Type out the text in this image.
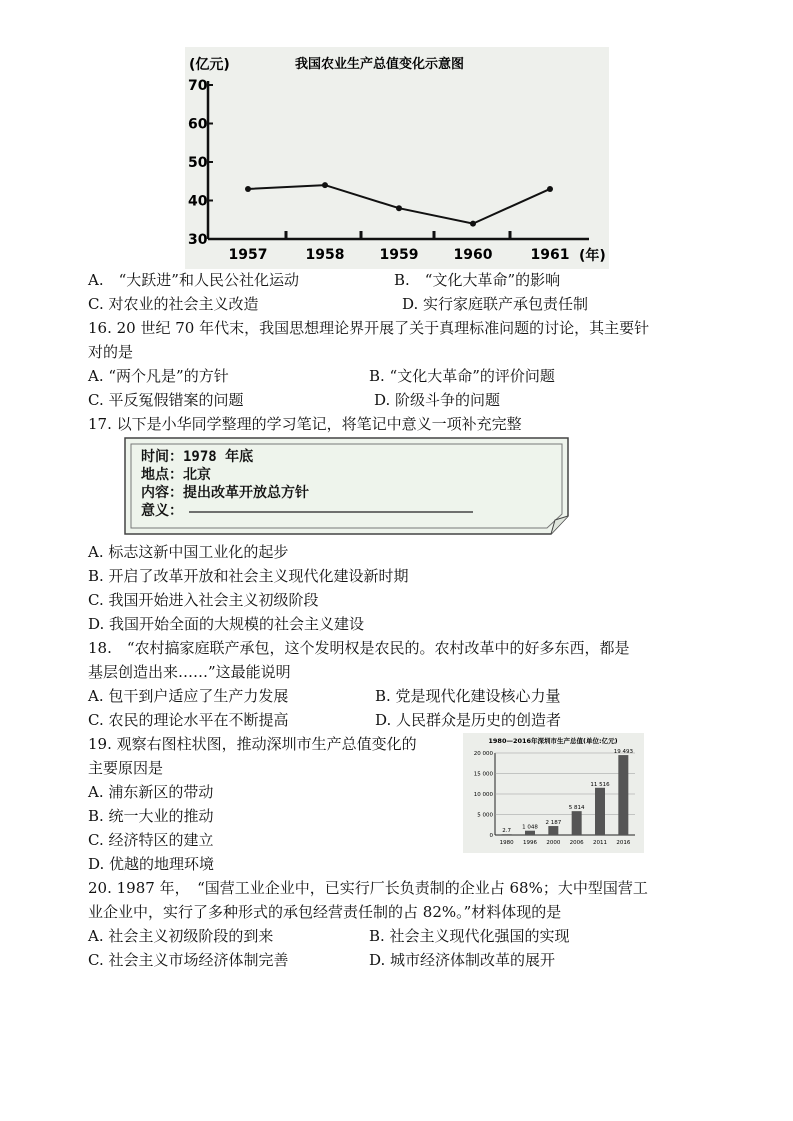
(亿元)	我国农业生产总值变化示意图
(年)
30
40
50
60
70
1957	1958	1959	1960	1961
A.　“大跃进”和人民公社化运动	B.　“文化大革命”的影响
C. 对农业的社会主义改造	D. 实行家庭联产承包责任制
16. 20 世纪 70 年代末，我国思想理论界开展了关于真理标准问题的讨论，其主要针
对的是
A. “两个凡是”的方针	B. “文化大革命”的评价问题
C. 平反冤假错案的问题	D. 阶级斗争的问题
17. 以下是小华同学整理的学习笔记，将笔记中意义一项补充完整
时间：1978 年底
地点：北京
内容：提出改革开放总方针
意义：
A. 标志这新中国工业化的起步
B. 开启了改革开放和社会主义现代化建设新时期
C. 我国开始进入社会主义初级阶段
D. 我国开始全面的大规模的社会主义建设
18.　“农村搞家庭联产承包，这个发明权是农民的。农村改革中的好多东西，都是
基层创造出来……”这最能说明
A. 包干到户适应了生产力发展	B. 党是现代化建设核心力量
C. 农民的理论水平在不断提高	D. 人民群众是历史的创造者
19. 观察右图柱状图，推动深圳市生产总值变化的
主要原因是
A. 浦东新区的带动
B. 统一大业的推动
C. 经济特区的建立
D. 优越的地理环境
1980—2016年深圳市生产总值(单位:亿元)
0
5 000
10 000
15 000
20 000
2.7
1980
1 048
1996
2 187
2000
5 814
2006
11 516
2011
19 493
2016
20. 1987 年，　“国营工业企业中，已实行厂长负责制的企业占 68%；大中型国营工
业企业中，实行了多种形式的承包经营责任制的占 82%。”材料体现的是
A. 社会主义初级阶段的到来	B. 社会主义现代化强国的实现
C. 社会主义市场经济体制完善	D. 城市经济体制改革的展开
